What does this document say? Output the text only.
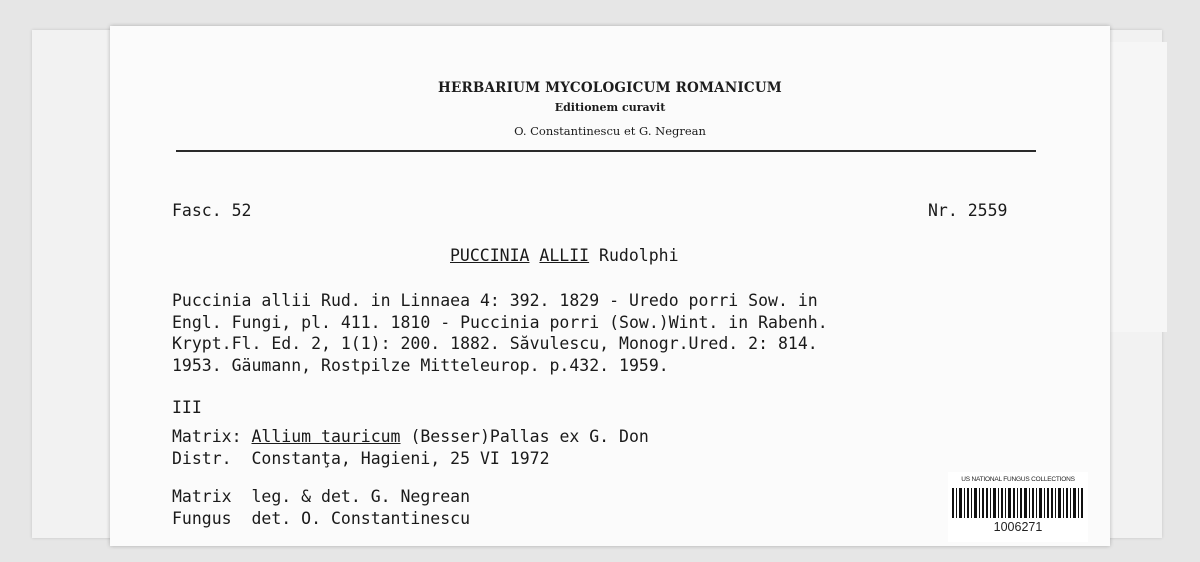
HERBARIUM MYCOLOGICUM ROMANICUM
Editionem curavit
O. Constantinescu et G. Negrean
Fasc. 52	Nr. 2559
PUCCINIA ALLII Rudolphi
Puccinia allii Rud. in Linnaea 4: 392. 1829 - Uredo porri Sow. in
Engl. Fungi, pl. 411. 1810 - Puccinia porri (Sow.)Wint. in Rabenh.
Krypt.Fl. Ed. 2, 1(1): 200. 1882. Săvulescu, Monogr.Ured. 2: 814.
1953. Gäumann, Rostpilze Mitteleurop. p.432. 1959.
III
Matrix: Allium tauricum (Besser)Pallas ex G. Don
Distr. Constanţa, Hagieni, 25 VI 1972
Matrix leg. & det. G. Negrean
Fungus det. O. Constantinescu
US NATIONAL FUNGUS COLLECTIONS
1006271
